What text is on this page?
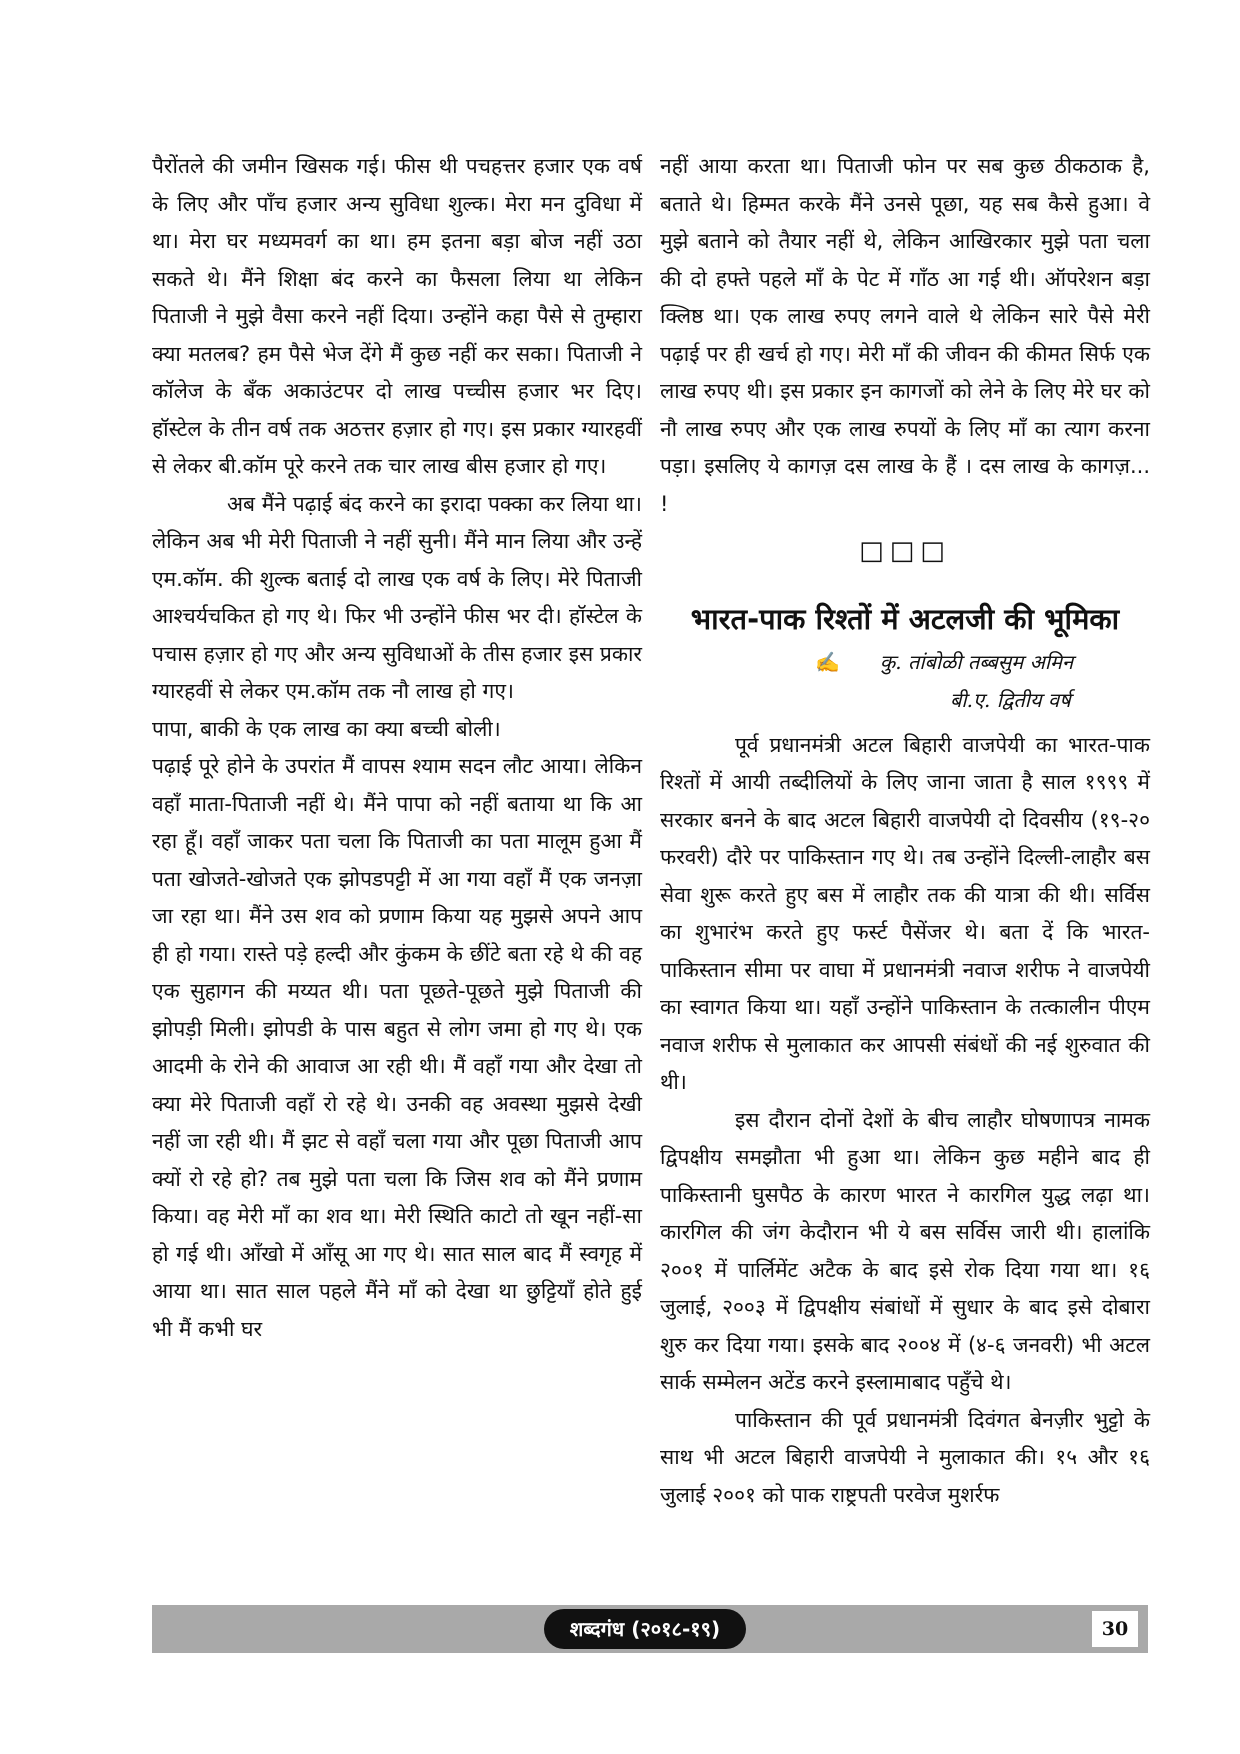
पैरोंतले की जमीन खिसक गई। फीस थी पचहत्तर हजार एक वर्ष के लिए और पाँच हजार अन्य सुविधा शुल्क। मेरा मन दुविधा में था। मेरा घर मध्यमवर्ग का था। हम इतना बड़ा बोज नहीं उठा सकते थे। मैंने शिक्षा बंद करने का फैसला लिया था लेकिन पिताजी ने मुझे वैसा करने नहीं दिया। उन्होंने कहा पैसे से तुम्हारा क्या मतलब? हम पैसे भेज देंगे मैं कुछ नहीं कर सका। पिताजी ने कॉलेज के बँक अकाउंटपर दो लाख पच्चीस हजार भर दिए। हॉस्टेल के तीन वर्ष तक अठत्तर हज़ार हो गए। इस प्रकार ग्यारहवीं से लेकर बी.कॉम पूरे करने तक चार लाख बीस हजार हो गए।

अब मैंने पढ़ाई बंद करने का इरादा पक्का कर लिया था। लेकिन अब भी मेरी पिताजी ने नहीं सुनी। मैंने मान लिया और उन्हें एम.कॉम. की शुल्क बताई दो लाख एक वर्ष के लिए। मेरे पिताजी आश्चर्यचकित हो गए थे। फिर भी उन्होंने फीस भर दी। हॉस्टेल के पचास हज़ार हो गए और अन्य सुविधाओं के तीस हजार इस प्रकार ग्यारहवीं से लेकर एम.कॉम तक नौ लाख हो गए।

पापा, बाकी के एक लाख का क्या बच्ची बोली।

पढ़ाई पूरे होने के उपरांत मैं वापस श्याम सदन लौट आया। लेकिन वहाँ माता-पिताजी नहीं थे। मैंने पापा को नहीं बताया था कि आ रहा हूँ। वहाँ जाकर पता चला कि पिताजी का पता मालूम हुआ मैं पता खोजते-खोजते एक झोपडपट्टी में आ गया वहाँ मैं एक जनज़ा जा रहा था। मैंने उस शव को प्रणाम किया यह मुझसे अपने आप ही हो गया। रास्ते पड़े हल्दी और कुंकम के छींटे बता रहे थे की वह एक सुहागन की मय्यत थी। पता पूछते-पूछते मुझे पिताजी की झोपड़ी मिली। झोपडी के पास बहुत से लोग जमा हो गए थे। एक आदमी के रोने की आवाज आ रही थी। मैं वहाँ गया और देखा तो क्या मेरे पिताजी वहाँ रो रहे थे। उनकी वह अवस्था मुझसे देखी नहीं जा रही थी। मैं झट से वहाँ चला गया और पूछा पिताजी आप क्यों रो रहे हो? तब मुझे पता चला कि जिस शव को मैंने प्रणाम किया। वह मेरी माँ का शव था। मेरी स्थिति काटो तो खून नहीं-सा हो गई थी। आँखो में आँसू आ गए थे। सात साल बाद मैं स्वगृह में आया था। सात साल पहले मैंने माँ को देखा था छुट्टियाँ होते हुई भी मैं कभी घर

नहीं आया करता था। पिताजी फोन पर सब कुछ ठीकठाक है, बताते थे। हिम्मत करके मैंने उनसे पूछा, यह सब कैसे हुआ। वे मुझे बताने को तैयार नहीं थे, लेकिन आखिरकार मुझे पता चला की दो हफ्ते पहले माँ के पेट में गाँठ आ गई थी। ऑपरेशन बड़ा क्लिष्ठ था। एक लाख रुपए लगने वाले थे लेकिन सारे पैसे मेरी पढ़ाई पर ही खर्च हो गए। मेरी माँ की जीवन की कीमत सिर्फ एक लाख रुपए थी। इस प्रकार इन कागजों को लेने के लिए मेरे घर को नौ लाख रुपए और एक लाख रुपयों के लिए माँ का त्याग करना पड़ा। इसलिए ये कागज़ दस लाख के हैं । दस लाख के कागज़... !

□□□
भारत-पाक रिश्तों में अटलजी की भूमिका

✍ कु. तांबोळी तब्बसुम अमिन

बी.ए. द्वितीय वर्ष

पूर्व प्रधानमंत्री अटल बिहारी वाजपेयी का भारत-पाक रिश्तों में आयी तब्दीलियों के लिए जाना जाता है साल १९९९ में सरकार बनने के बाद अटल बिहारी वाजपेयी दो दिवसीय (१९-२० फरवरी) दौरे पर पाकिस्तान गए थे। तब उन्होंने दिल्ली-लाहौर बस सेवा शुरू करते हुए बस में लाहौर तक की यात्रा की थी। सर्विस का शुभारंभ करते हुए फर्स्ट पैसेंजर थे। बता दें कि भारत-पाकिस्तान सीमा पर वाघा में प्रधानमंत्री नवाज शरीफ ने वाजपेयी का स्वागत किया था। यहाँ उन्होंने पाकिस्तान के तत्कालीन पीएम नवाज शरीफ से मुलाकात कर आपसी संबंधों की नई शुरुवात की थी।

इस दौरान दोनों देशों के बीच लाहौर घोषणापत्र नामक द्विपक्षीय समझौता भी हुआ था। लेकिन कुछ महीने बाद ही पाकिस्तानी घुसपैठ के कारण भारत ने कारगिल युद्ध लढ़ा था। कारगिल की जंग केदौरान भी ये बस सर्विस जारी थी। हालांकि २००१ में पार्लिमेंट अटैक के बाद इसे रोक दिया गया था। १६ जुलाई, २००३ में द्विपक्षीय संबांधों में सुधार के बाद इसे दोबारा शुरु कर दिया गया। इसके बाद २००४ में (४-६ जनवरी) भी अटल सार्क सम्मेलन अटेंड करने इस्लामाबाद पहुँचे थे।

पाकिस्तान की पूर्व प्रधानमंत्री दिवंगत बेनज़ीर भुट्टो के साथ भी अटल बिहारी वाजपेयी ने मुलाकात की। १५ और १६ जुलाई २००१ को पाक राष्ट्रपती परवेज मुशर्रफ

शब्दगंध (२०१८-१९)	30
